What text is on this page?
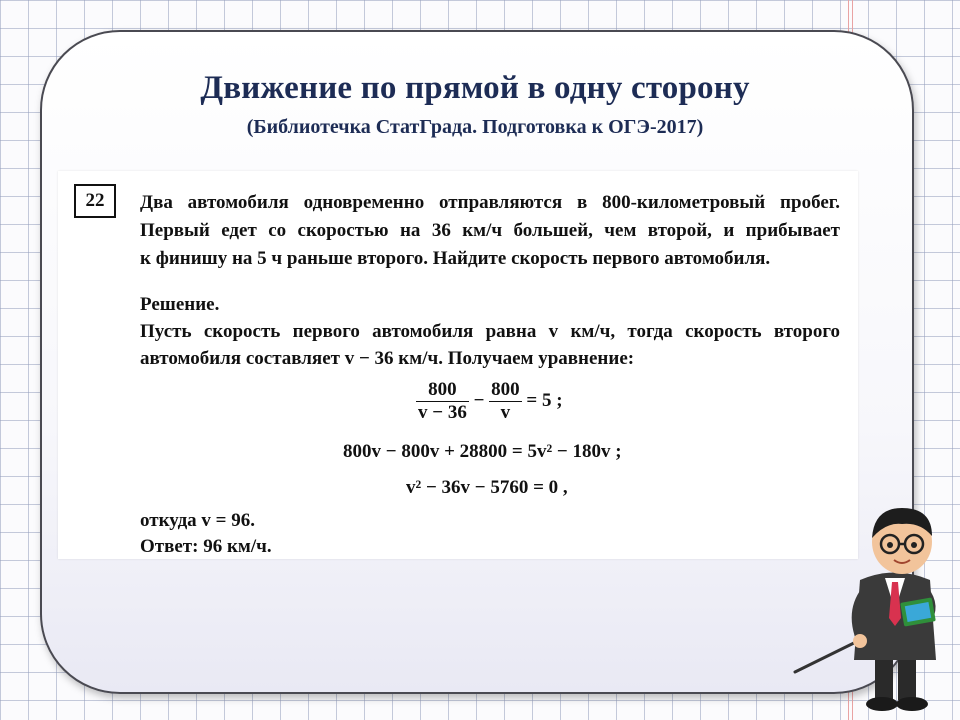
Движение по прямой в одну сторону
(Библиотечка СтатГрада. Подготовка к ОГЭ-2017)
22	Два автомобиля одновременно отправляются в 800-километровый пробег.
Первый едет со скоростью на 36 км/ч большей, чем второй, и прибывает
к финишу на 5 ч раньше второго. Найдите скорость первого автомобиля.
Решение.
Пусть скорость первого автомобиля равна v км/ч, тогда скорость второго
автомобиля составляет v − 36 км/ч. Получаем уравнение:
$\frac{800}{v - 36} - \frac{800}{v} = 5$ ;
800v − 800v + 28800 = 5v² − 180v ;
v² − 36v − 5760 = 0 ,
откуда v = 96.
Ответ: 96 км/ч.
